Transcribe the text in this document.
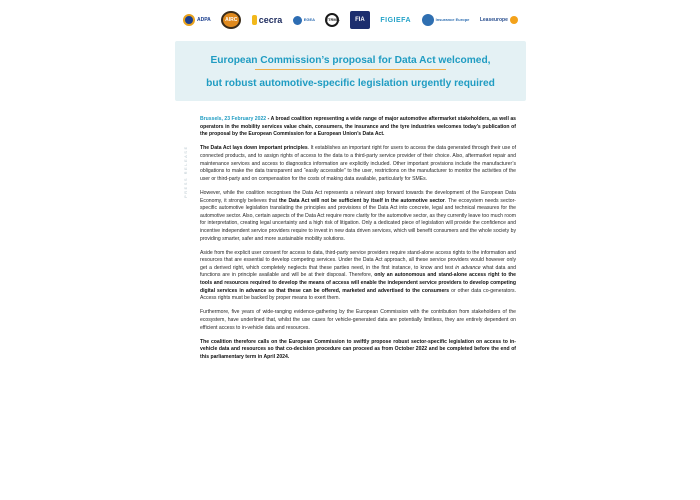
ADPA	AIRC	cecra	EGEA	ETRMA	FIA	FIGIEFA	Insurance Europe Leaseurope
European Commission’s proposal for Data Act welcomed,
but robust automotive-specific legislation urgently required
PRESS RELEASE

Brussels, 23 February 2022 - A broad coalition representing a wide range of major automotive aftermarket stakeholders, as well as operators in the mobility services value chain, consumers, the insurance and the tyre industries welcomes today’s publication of the proposal by the European Commission for a European Union’s Data Act.

The Data Act lays down important principles. It establishes an important right for users to access the data generated through their use of connected products, and to assign rights of access to the data to a third-party service provider of their choice. Also, aftermarket repair and maintenance services and access to diagnostics information are explicitly included. Other important provisions include the manufacturer’s obligations to make the data transparent and “easily accessible” to the user, restrictions on the manufacturer to monitor the activities of the user or third-party and on compensation for the costs of making data available, particularly for SMEs.

However, while the coalition recognises the Data Act represents a relevant step forward towards the development of the European Data Economy, it strongly believes that the Data Act will not be sufficient by itself in the automotive sector. The ecosystem needs sector-specific automotive legislation translating the principles and provisions of the Data Act into concrete, legal and technical measures for the automotive sector. Also, certain aspects of the Data Act require more clarity for the automotive sector, as they currently leave too much room for interpretation, creating legal uncertainty and a high risk of litigation. Only a dedicated piece of legislation will provide the confidence and incentive independent service providers require to invest in new data driven services, which will benefit consumers and the whole society by providing smarter, safer and more sustainable mobility solutions.

Aside from the explicit user consent for access to data, third-party service providers require stand-alone access rights to the information and resources that are essential to develop competing services. Under the Data Act approach, all these service providers would however only get a derived right, which completely neglects that these parties need, in the first instance, to know and test in advance what data and functions are in principle available and will be at their disposal. Therefore, only an autonomous and stand-alone access right to the tools and resources required to develop the means of access will enable the independent service providers to develop competing digital services in advance so that these can be offered, marketed and advertised to the consumers or other data co-generators. Access rights must be backed by proper means to exert them.

Furthermore, five years of wide-ranging evidence-gathering by the European Commission with the contribution from stakeholders of the ecosystem, have underlined that, whilst the use cases for vehicle-generated data are potentially limitless, they are entirely dependent on efficient access to in-vehicle data and resources.

The coalition therefore calls on the European Commission to swiftly propose robust sector-specific legislation on access to in-vehicle data and resources so that co-decision procedure can proceed as from October 2022 and be completed before the end of this parliamentary term in April 2024.
